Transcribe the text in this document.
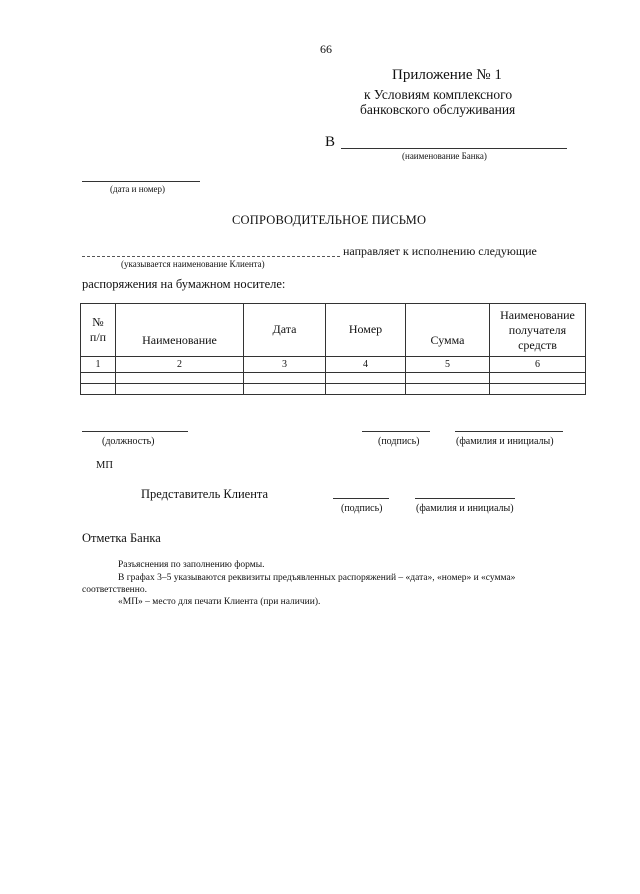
66
Приложение № 1
к Условиям комплексного
банковского обслуживания
В
(наименование Банка)
(дата и номер)
СОПРОВОДИТЕЛЬНОЕ ПИСЬМО
направляет к исполнению следующие
(указывается наименование Клиента)
распоряжения на бумажном носителе:
№
п/п	Наименование	Дата	Номер	Сумма	Наименование
получателя
средств

1	2	3	4	5	6

(должность)	(подпись)	(фамилия и инициалы)
МП
Представитель Клиента
(подпись)	(фамилия и инициалы)
Отметка Банка
Разъяснения по заполнению формы.
В графах 3–5 указываются реквизиты предъявленных распоряжений – «дата», «номер» и «сумма»
соответственно.
«МП» – место для печати Клиента (при наличии).
